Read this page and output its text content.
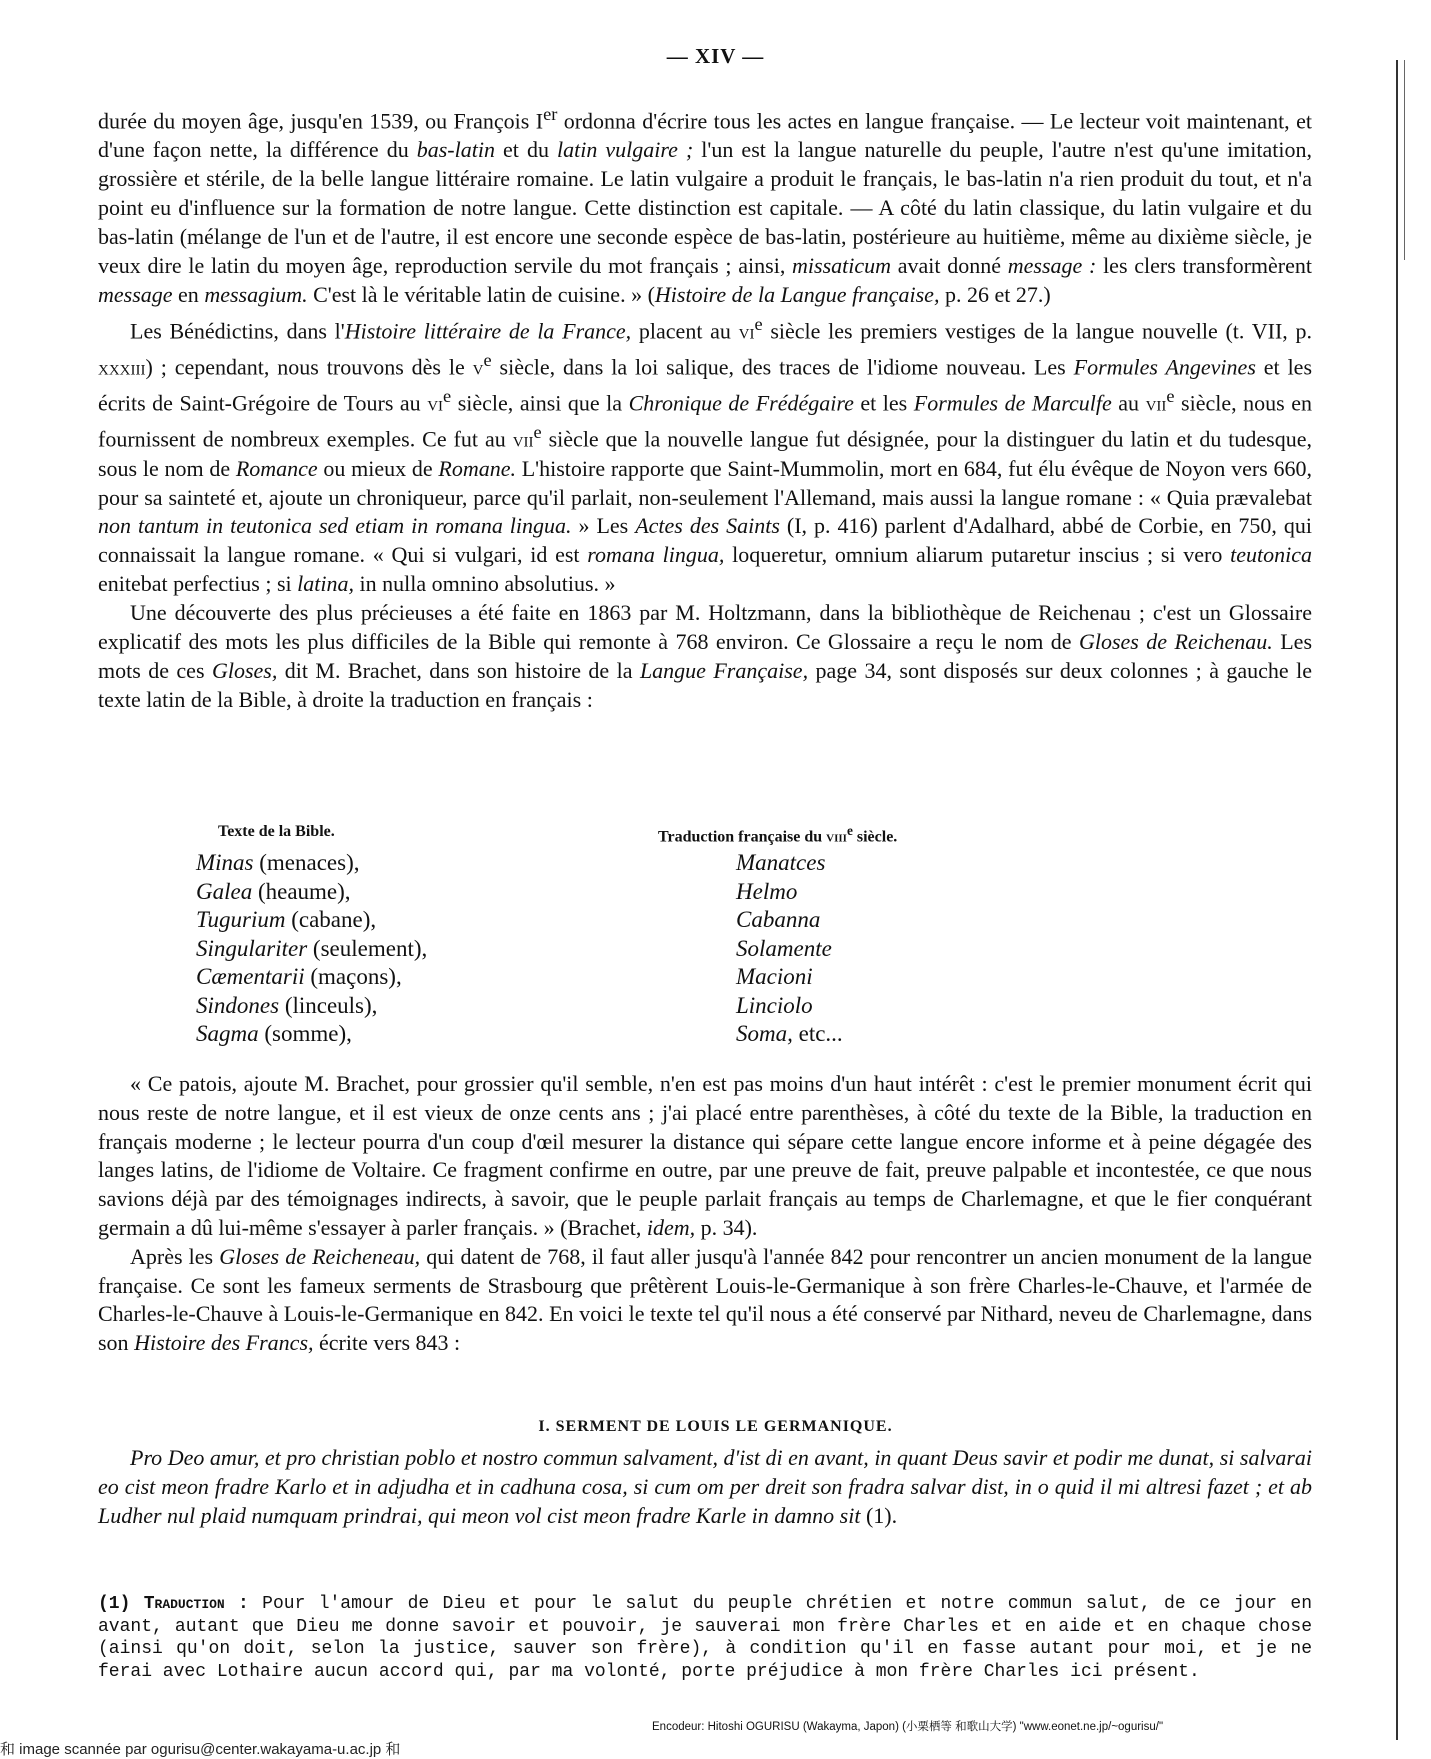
— XIV —

durée du moyen âge, jusqu'en 1539, ou François Ier ordonna d'écrire tous les actes en langue française. — Le lecteur voit maintenant, et d'une façon nette, la différence du bas-latin et du latin vulgaire ; l'un est la langue naturelle du peuple, l'autre n'est qu'une imitation, grossière et stérile, de la belle langue littéraire romaine. Le latin vulgaire a produit le français, le bas-latin n'a rien produit du tout, et n'a point eu d'influence sur la formation de notre langue. Cette distinction est capitale. — A côté du latin classique, du latin vulgaire et du bas-latin (mélange de l'un et de l'autre, il est encore une seconde espèce de bas-latin, postérieure au huitième, même au dixième siècle, je veux dire le latin du moyen âge, reproduction servile du mot français ; ainsi, missaticum avait donné message : les clers transformèrent message en messagium. C'est là le véritable latin de cuisine. » (Histoire de la Langue française, p. 26 et 27.)

Les Bénédictins, dans l'Histoire littéraire de la France, placent au $vi^e$ siècle les premiers vestiges de la langue nouvelle (t. VII, p. xxxiii) ; cependant, nous trouvons dès le $v^e$ siècle, dans la loi salique, des traces de l'idiome nouveau. Les Formules Angevines et les écrits de Saint-Grégoire de Tours au $vi^e$ siècle, ainsi que la Chronique de Frédégaire et les Formules de Marculfe au vii$^e$ siècle, nous en fournissent de nombreux exemples. Ce fut au vii$^e$ siècle que la nouvelle langue fut désignée, pour la distinguer du latin et du tudesque, sous le nom de Romance ou mieux de Romane. L'histoire rapporte que Saint-Mummolin, mort en 684, fut élu évêque de Noyon vers 660, pour sa sainteté et, ajoute un chroniqueur, parce qu'il parlait, non-seulement l'Allemand, mais aussi la langue romane : « Quia prævalebat non tantum in teutonica sed etiam in romana lingua. » Les Actes des Saints (I, p. 416) parlent d'Adalhard, abbé de Corbie, en 750, qui connaissait la langue romane. « Qui si vulgari, id est romana lingua, loqueretur, omnium aliarum putaretur inscius ; si vero teutonica enitebat perfectius ; si latina, in nulla omnino absolutius. »

Une découverte des plus précieuses a été faite en 1863 par M. Holtzmann, dans la bibliothèque de Reichenau ; c'est un Glossaire explicatif des mots les plus difficiles de la Bible qui remonte à 768 environ. Ce Glossaire a reçu le nom de Gloses de Reichenau. Les mots de ces Gloses, dit M. Brachet, dans son histoire de la Langue Française, page 34, sont disposés sur deux colonnes ; à gauche le texte latin de la Bible, à droite la traduction en français :

Texte de la Bible.	Traduction française du viii$^e$ siècle.
Minas (menaces),	Manatces
Galea (heaume),	Helmo
Tugurium (cabane),	Cabanna
Singulariter (seulement),	Solamente
Cæmentarii (maçons),	Macioni
Sindones (linceuls),	Linciolo
Sagma (somme),	Soma, etc...

« Ce patois, ajoute M. Brachet, pour grossier qu'il semble, n'en est pas moins d'un haut intérêt : c'est le premier monument écrit qui nous reste de notre langue, et il est vieux de onze cents ans ; j'ai placé entre parenthèses, à côté du texte de la Bible, la traduction en français moderne ; le lecteur pourra d'un coup d'œil mesurer la distance qui sépare cette langue encore informe et à peine dégagée des langes latins, de l'idiome de Voltaire. Ce fragment confirme en outre, par une preuve de fait, preuve palpable et incontestée, ce que nous savions déjà par des témoignages indirects, à savoir, que le peuple parlait français au temps de Charlemagne, et que le fier conquérant germain a dû lui-même s'essayer à parler français. » (Brachet, idem, p. 34).

Après les Gloses de Reicheneau, qui datent de 768, il faut aller jusqu'à l'année 842 pour rencontrer un ancien monument de la langue française. Ce sont les fameux serments de Strasbourg que prêtèrent Louis-le-Germanique à son frère Charles-le-Chauve, et l'armée de Charles-le-Chauve à Louis-le-Germanique en 842. En voici le texte tel qu'il nous a été conservé par Nithard, neveu de Charlemagne, dans son Histoire des Francs, écrite vers 843 :

I. SERMENT DE LOUIS LE GERMANIQUE.
Pro Deo amur, et pro christian poblo et nostro commun salvament, d'ist di en avant, in quant Deus savir et podir me dunat, si salvarai eo cist meon fradre Karlo et in adjudha et in cadhuna cosa, si cum om per dreit son fradra salvar dist, in o quid il mi altresi fazet ; et ab Ludher nul plaid numquam prindrai, qui meon vol cist meon fradre Karle in damno sit (1).
(1) Traduction : Pour l'amour de Dieu et pour le salut du peuple chrétien et notre commun salut, de ce jour en avant, autant que Dieu me donne savoir et pouvoir, je sauverai mon frère Charles et en aide et en chaque chose (ainsi qu'on doit, selon la justice, sauver son frère), à condition qu'il en fasse autant pour moi, et je ne ferai avec Lothaire aucun accord qui, par ma volonté, porte préjudice à mon frère Charles ici présent.
Encodeur: Hitoshi OGURISU (Wakayma, Japon) (小栗栖等 和歌山大学) "www.eonet.ne.jp/~ogurisu/"
和 image scannée par ogurisu@center.wakayama-u.ac.jp 和
